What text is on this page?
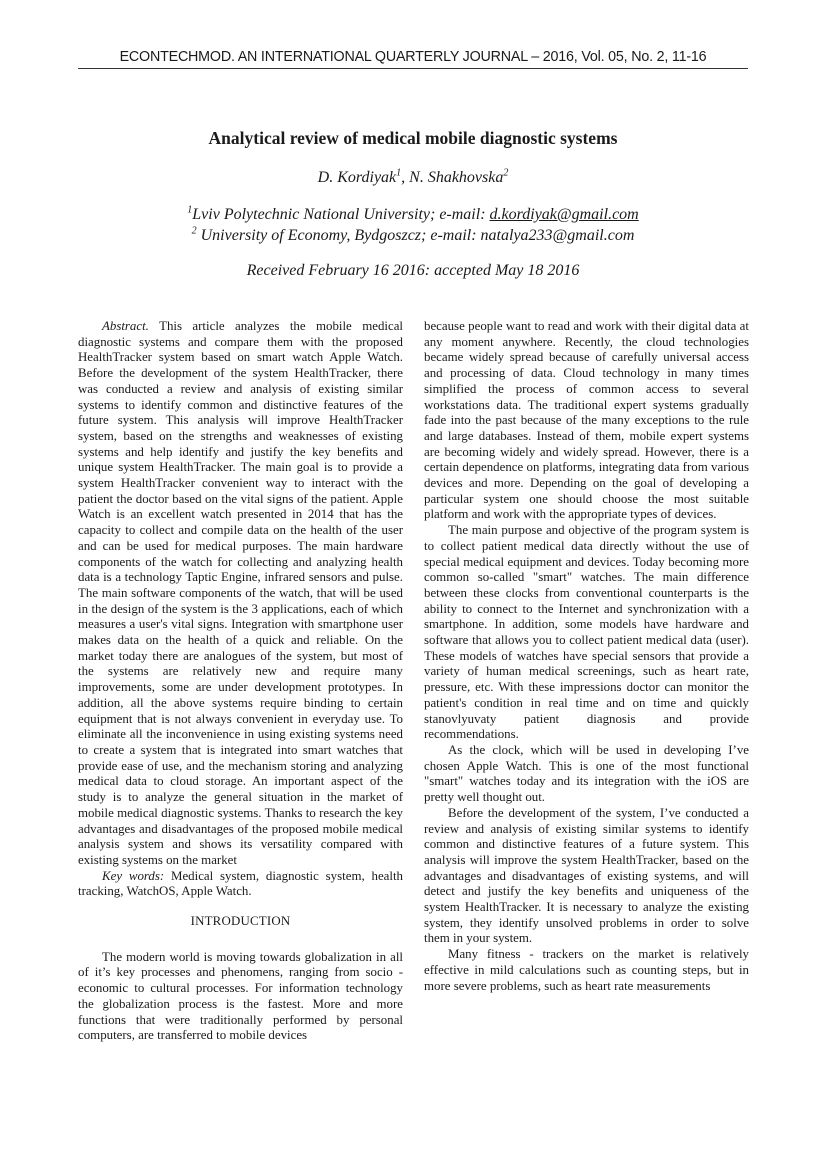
ECONTECHMOD. AN INTERNATIONAL QUARTERLY JOURNAL – 2016, Vol. 05, No. 2, 11-16
Analytical review of medical mobile diagnostic systems
D. Kordiyak$^1$, N. Shakhovska$^2$
$^1$Lviv Polytechnic National University; e-mail: d.kordiyak@gmail.com
$^2$ University of Economy, Bydgoszcz; e-mail: natalya233@gmail.com
Received February 16 2016: accepted May 18 2016

Abstract. This article analyzes the mobile medical diagnostic systems and compare them with the proposed HealthTracker system based on smart watch Apple Watch. Before the development of the system HealthTracker, there was conducted a review and analysis of existing similar systems to identify common and distinctive features of the future system. This analysis will improve HealthTracker system, based on the strengths and weaknesses of existing systems and help identify and justify the key benefits and unique system HealthTracker. The main goal is to provide a system HealthTracker convenient way to interact with the patient the doctor based on the vital signs of the patient. Apple Watch is an excellent watch presented in 2014 that has the capacity to collect and compile data on the health of the user and can be used for medical purposes. The main hardware components of the watch for collecting and analyzing health data is a technology Taptic Engine, infrared sensors and pulse. The main software components of the watch, that will be used in the design of the system is the 3 applications, each of which measures a user's vital signs. Integration with smartphone user makes data on the health of a quick and reliable. On the market today there are analogues of the system, but most of the systems are relatively new and require many improvements, some are under development prototypes. In addition, all the above systems require binding to certain equipment that is not always convenient in everyday use. To eliminate all the inconvenience in using existing systems need to create a system that is integrated into smart watches that provide ease of use, and the mechanism storing and analyzing medical data to cloud storage. An important aspect of the study is to analyze the general situation in the market of mobile medical diagnostic systems. Thanks to research the key advantages and disadvantages of the proposed mobile medical analysis system and shows its versatility compared with existing systems on the market

Key words: Medical system, diagnostic system, health tracking, WatchOS, Apple Watch.

INTRODUCTION

The modern world is moving towards globalization in all of it’s key processes and phenomens, ranging from socio - economic to cultural processes. For information technology the globalization process is the fastest. More and more functions that were traditionally performed by personal computers, are transferred to mobile devices

because people want to read and work with their digital data at any moment anywhere. Recently, the cloud technologies became widely spread because of carefully universal access and processing of data. Cloud technology in many times simplified the process of common access to several workstations data. The traditional expert systems gradually fade into the past because of the many exceptions to the rule and large databases. Instead of them, mobile expert systems are becoming widely and widely spread. However, there is a certain dependence on platforms, integrating data from various devices and more. Depending on the goal of developing a particular system one should choose the most suitable platform and work with the appropriate types of devices.

The main purpose and objective of the program system is to collect patient medical data directly without the use of special medical equipment and devices. Today becoming more common so-called "smart" watches. The main difference between these clocks from conventional counterparts is the ability to connect to the Internet and synchronization with a smartphone. In addition, some models have hardware and software that allows you to collect patient medical data (user). These models of watches have special sensors that provide a variety of human medical screenings, such as heart rate, pressure, etc. With these impressions doctor can monitor the patient's condition in real time and on time and quickly stanovlyuvaty patient diagnosis and provide recommendations.

As the clock, which will be used in developing I’ve chosen Apple Watch. This is one of the most functional "smart" watches today and its integration with the iOS are pretty well thought out.

Before the development of the system, I’ve conducted a review and analysis of existing similar systems to identify common and distinctive features of a future system. This analysis will improve the system HealthTracker, based on the advantages and disadvantages of existing systems, and will detect and justify the key benefits and uniqueness of the system HealthTracker. It is necessary to analyze the existing system, they identify unsolved problems in order to solve them in your system.

Many fitness - trackers on the market is relatively effective in mild calculations such as counting steps, but in more severe problems, such as heart rate measurements
